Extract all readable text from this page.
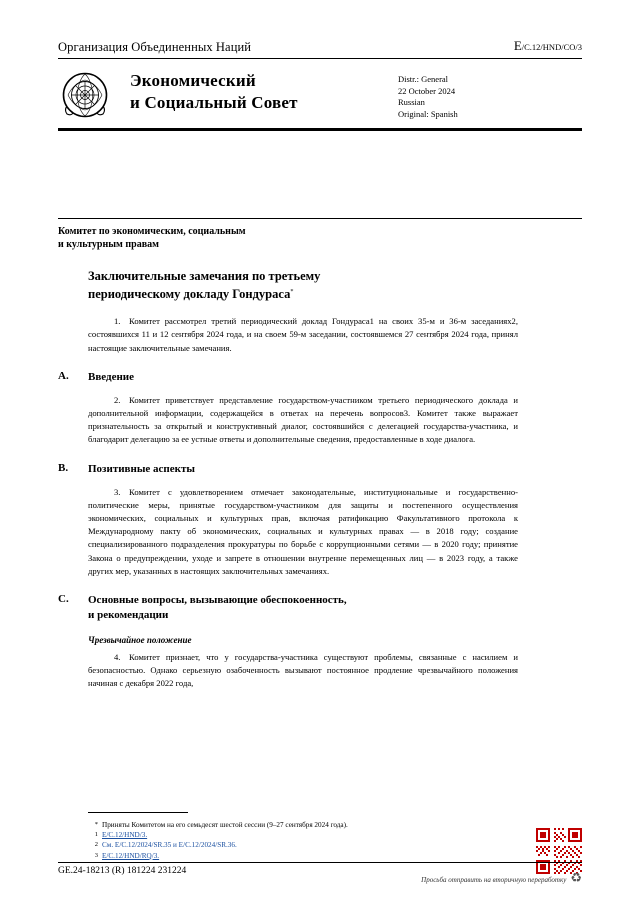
Организация Объединенных Наций	E/C.12/HND/CO/3
Экономический
и Социальный Совет
Distr.: General
22 October 2024
Russian
Original: Spanish
Комитет по экономическим, социальным
и культурным правам
Заключительные замечания по третьему
периодическому докладу Гондураса*

1. Комитет рассмотрел третий периодический доклад Гондураса1 на своих 35-м и 36-м заседаниях2, состоявшихся 11 и 12 сентября 2024 года, и на своем 59-м заседании, состоявшемся 27 сентября 2024 года, принял настоящие заключительные замечания.

A.	Введение

2. Комитет приветствует представление государством-участником третьего периодического доклада и дополнительной информации, содержащейся в ответах на перечень вопросов3. Комитет также выражает признательность за открытый и конструктивный диалог, состоявшийся с делегацией государства-участника, и благодарит делегацию за ее устные ответы и дополнительные сведения, предоставленные в ходе диалога.

B.	Позитивные аспекты

3. Комитет с удовлетворением отмечает законодательные, институциональные и государственно-политические меры, принятые государством-участником для защиты и постепенного осуществления экономических, социальных и культурных прав, включая ратификацию Факультативного протокола к Международному пакту об экономических, социальных и культурных правах — в 2018 году; создание специализированного подразделения прокуратуры по борьбе с коррупционными сетями — в 2020 году; принятие Закона о предупреждении, уходе и запрете в отношении внутренне перемещенных лиц — в 2023 году, а также других мер, указанных в настоящих заключительных замечаниях.

C.	Основные вопросы, вызывающие обеспокоенность,
и рекомендации
Чрезвычайное положение

4. Комитет признает, что у государства-участника существуют проблемы, связанные с насилием и безопасностью. Однако серьезную озабоченность вызывают постоянное продление чрезвычайного положения начиная с декабря 2022 года,

* Приняты Комитетом на его семьдесят шестой сессии (9–27 сентября 2024 года).
1 E/C.12/HND/3.
2 См. E/C.12/2024/SR.35 и E/C.12/2024/SR.36.
3 E/C.12/HND/RQ/3.
GE.24-18213 (R) 181224 231224
Просьба отправить на вторичную переработку ♻
